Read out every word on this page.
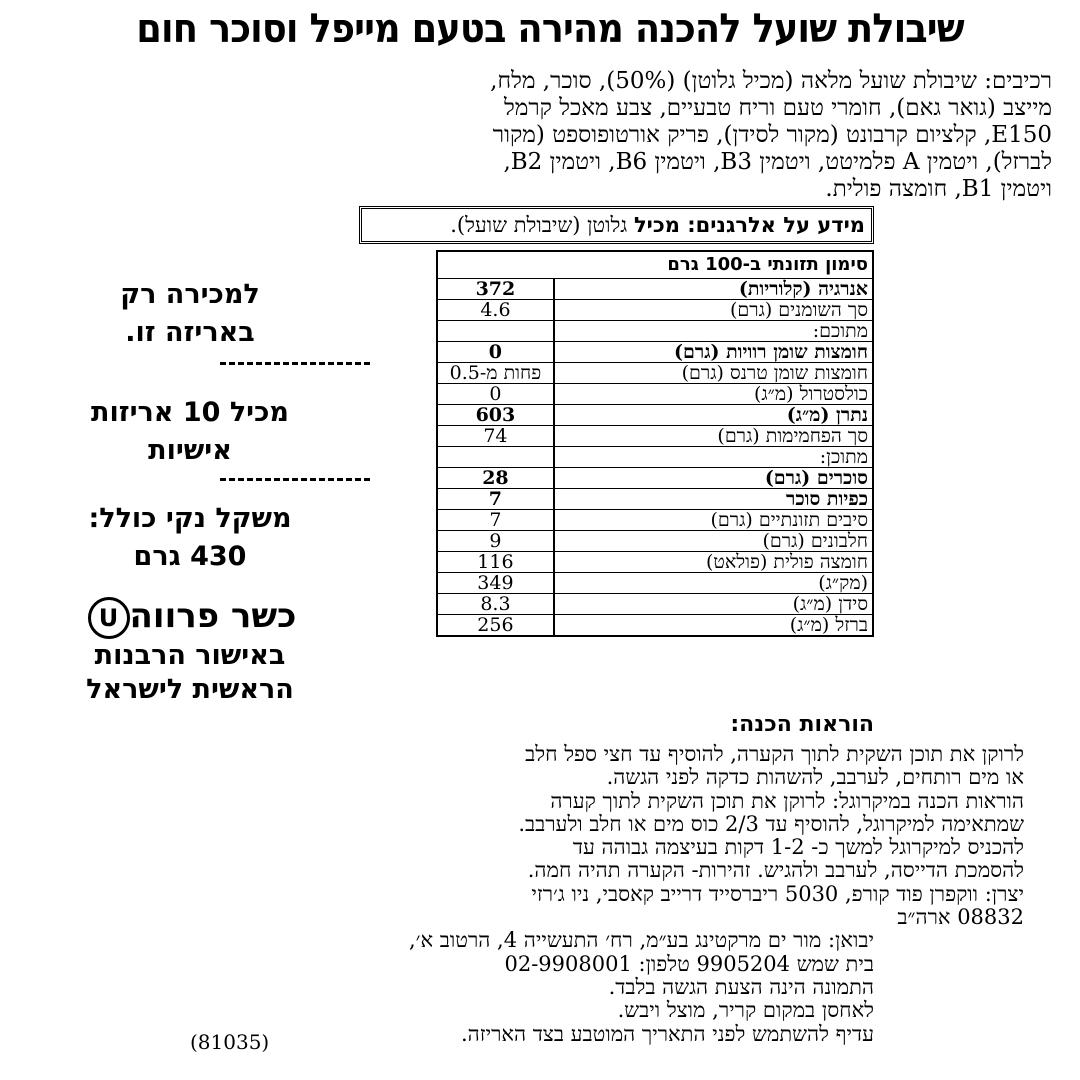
שיבולת שועל להכנה מהירה בטעם מייפל וסוכר חום
רכיבים: שיבולת שועל מלאה (מכיל גלוטן) (50%), סוכר, מלח,
מייצב (גואר גאם), חומרי טעם וריח טבעיים, צבע מאכל קרמל
E150, קלציום קרבונט (מקור לסידן), פריק אורטופוספט (מקור
לברזל), ויטמין A פלמיטט, ויטמין B3, ויטמין B6, ויטמין B2,
ויטמין B1, חומצה פולית.
מידע על אלרגנים: מכיל גלוטן (שיבולת שועל).
סימון תזונתי ב-100 גרם	
אנרגיה (קלוריות)	372
סך השומנים (גרם)	4.6
מתוכם:	
חומצות שומן רוויות (גרם)	0
חומצות שומן טרנס (גרם)	פחות מ-0.5
כולסטרול (מ״ג)	0
נתרן (מ״ג)	603
סך הפחמימות (גרם)	74
מתוכן:	
סוכרים (גרם)	28
כפיות סוכר	7
סיבים תזונתיים (גרם)	7
חלבונים (גרם)	9
חומצה פולית (פולאט)	116
(מק״ג)	349
סידן (מ״ג)	8.3
ברזל (מ״ג)	256
למכירה רק
באריזה זו.
מכיל 10 אריזות
אישיות
משקל נקי כולל:
430 גרם
כשר פרווהU
באישור הרבנות
הראשית לישראל
הוראות הכנה:
לרוקן את תוכן השקית לתוך הקערה, להוסיף עד חצי ספל חלב
או מים רותחים, לערבב, להשהות כדקה לפני הגשה.
הוראות הכנה במיקרוגל: לרוקן את תוכן השקית לתוך קערה
שמתאימה למיקרוגל, להוסיף עד 2/3 כוס מים או חלב ולערבב.
להכניס למיקרוגל למשך כ- 1-2 דקות בעיצמה גבוהה עד
להסמכת הדייסה, לערבב ולהגיש. זהירות- הקערה תהיה חמה.
יצרן: ווקפרן פוד קורפ, 5030 ריברסייד דרייב קאסבי, ניו ג׳רזי
08832 ארה״ב
יבואן: מור ים מרקטינג בע״מ, רח׳ התעשייה 4, הרטוב א׳,
בית שמש 9905204 טלפון: 02-9908001
התמונה הינה הצעת הגשה בלבד.
לאחסן במקום קריר, מוצל ויבש.
עדיף להשתמש לפני התאריך המוטבע בצד האריזה.
(81035)
